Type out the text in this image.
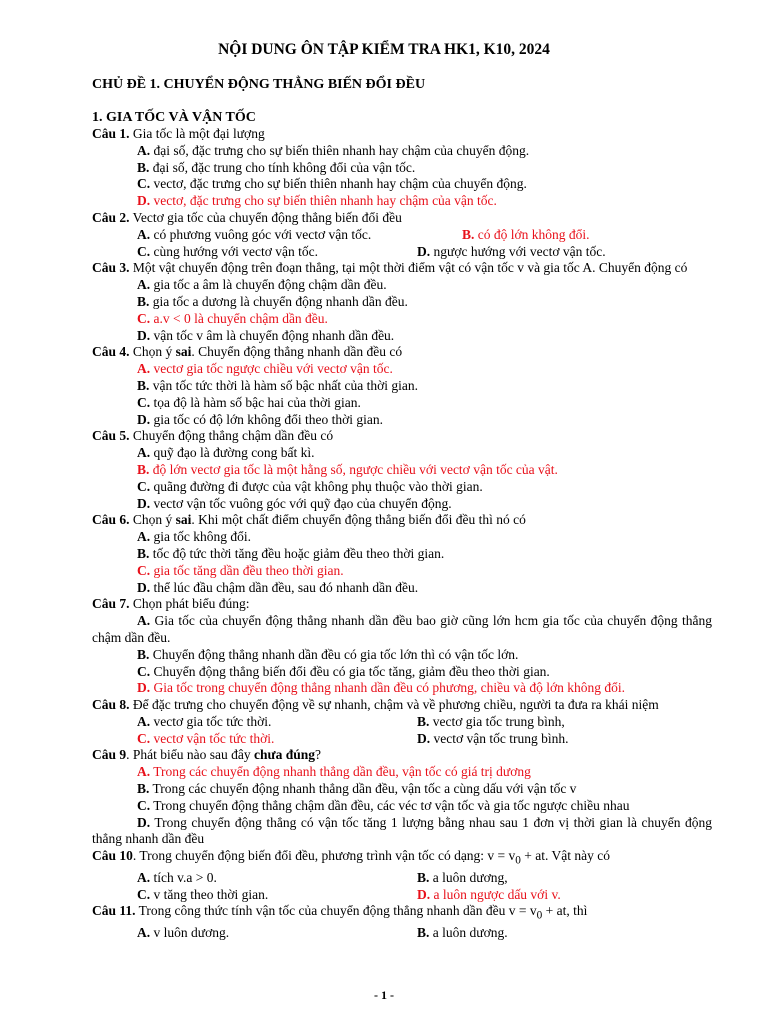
NỘI DUNG ÔN TẬP KIỂM TRA HK1, K10, 2024
CHỦ ĐỀ 1. CHUYỂN ĐỘNG THẲNG BIẾN ĐỔI ĐỀU
1. GIA TỐC VÀ VẬN TỐC
Câu 1. Gia tốc là một đại lượng
A. đại số, đặc trưng cho sự biến thiên nhanh hay chậm của chuyển động.
B. đại số, đặc trung cho tính không đổi của vận tốc.
C. vectơ, đặc trưng cho sự biến thiên nhanh hay chậm của chuyển động.
D. vectơ, đặc trưng cho sự biến thiên nhanh hay chậm của vận tốc.
Câu 2. Vectơ gia tốc của chuyển động thẳng biến đổi đều
A. có phương vuông góc với vectơ vận tốc.	B. có độ lớn không đổi.
C. cùng hướng với vectơ vận tốc.	D. ngược hướng với vectơ vận tốc.
Câu 3. Một vật chuyển động trên đoạn thẳng, tại một thời điểm vật có vận tốc v và gia tốc A. Chuyển động có
A. gia tốc a âm là chuyển động chậm dần đều.
B. gia tốc a dương là chuyển động nhanh dần đều.
C. a.v < 0 là chuyển chậm dần đều.
D. vận tốc v âm là chuyển động nhanh dần đều.
Câu 4. Chọn ý sai. Chuyển động thẳng nhanh dần đều có
A. vectơ gia tốc ngược chiều với vectơ vận tốc.
B. vận tốc tức thời là hàm số bậc nhất của thời gian.
C. tọa độ là hàm số bậc hai của thời gian.
D. gia tốc có độ lớn không đổi theo thời gian.
Câu 5. Chuyển động thẳng chậm dần đều có
A. quỹ đạo là đường cong bất kì.
B. độ lớn vectơ gia tốc là một hằng số, ngược chiều với vectơ vận tốc của vật.
C. quãng đường đi được của vật không phụ thuộc vào thời gian.
D. vectơ vận tốc vuông góc với quỹ đạo của chuyển động.
Câu 6. Chọn ý sai. Khi một chất điểm chuyển động thẳng biến đổi đều thì nó có
A. gia tốc không đổi.
B. tốc độ tức thời tăng đều hoặc giảm đều theo thời gian.
C. gia tốc tăng dần đều theo thời gian.
D. thể lúc đầu chậm dần đều, sau đó nhanh dần đều.
Câu 7. Chọn phát biểu đúng:
A. Gia tốc của chuyển động thẳng nhanh dần đều bao giờ cũng lớn hcm gia tốc của chuyển động thẳng chậm dần đều.
B. Chuyển động thẳng nhanh dần đều có gia tốc lớn thì có vận tốc lớn.
C. Chuyển động thẳng biến đổi đều có gia tốc tăng, giảm đều theo thời gian.
D. Gia tốc trong chuyển động thẳng nhanh dần đều có phương, chiều và độ lớn không đổi.
Câu 8. Để đặc trưng cho chuyển động về sự nhanh, chậm và về phương chiều, người ta đưa ra khái niệm
A. vectơ gia tốc tức thời.	B. vectơ gia tốc trung bình,
C. vectơ vận tốc tức thời.	D. vectơ vận tốc trung bình.
Câu 9. Phát biểu nào sau đây chưa đúng?
A. Trong các chuyển động nhanh thẳng dần đều, vận tốc có giá trị dương
B. Trong các chuyển động nhanh thẳng dần đều, vận tốc a cùng dấu với vận tốc v
C. Trong chuyển động thẳng chậm dần đều, các véc tơ vận tốc và gia tốc ngược chiều nhau
D. Trong chuyển động thẳng có vận tốc tăng 1 lượng bằng nhau sau 1 đơn vị thời gian là chuyển động thẳng nhanh dần đều
Câu 10. Trong chuyển động biến đổi đều, phương trình vận tốc có dạng: $v = v_0$ + at. Vật này có
A. tích v.a > 0.	B. a luôn dương,
C. v tăng theo thời gian.	D. a luôn ngược dấu với v.
Câu 11. Trong công thức tính vận tốc của chuyển động thẳng nhanh dần đều $v = v_0$ + at, thì
A. v luôn dương.	B. a luôn dương.
- 1 -
